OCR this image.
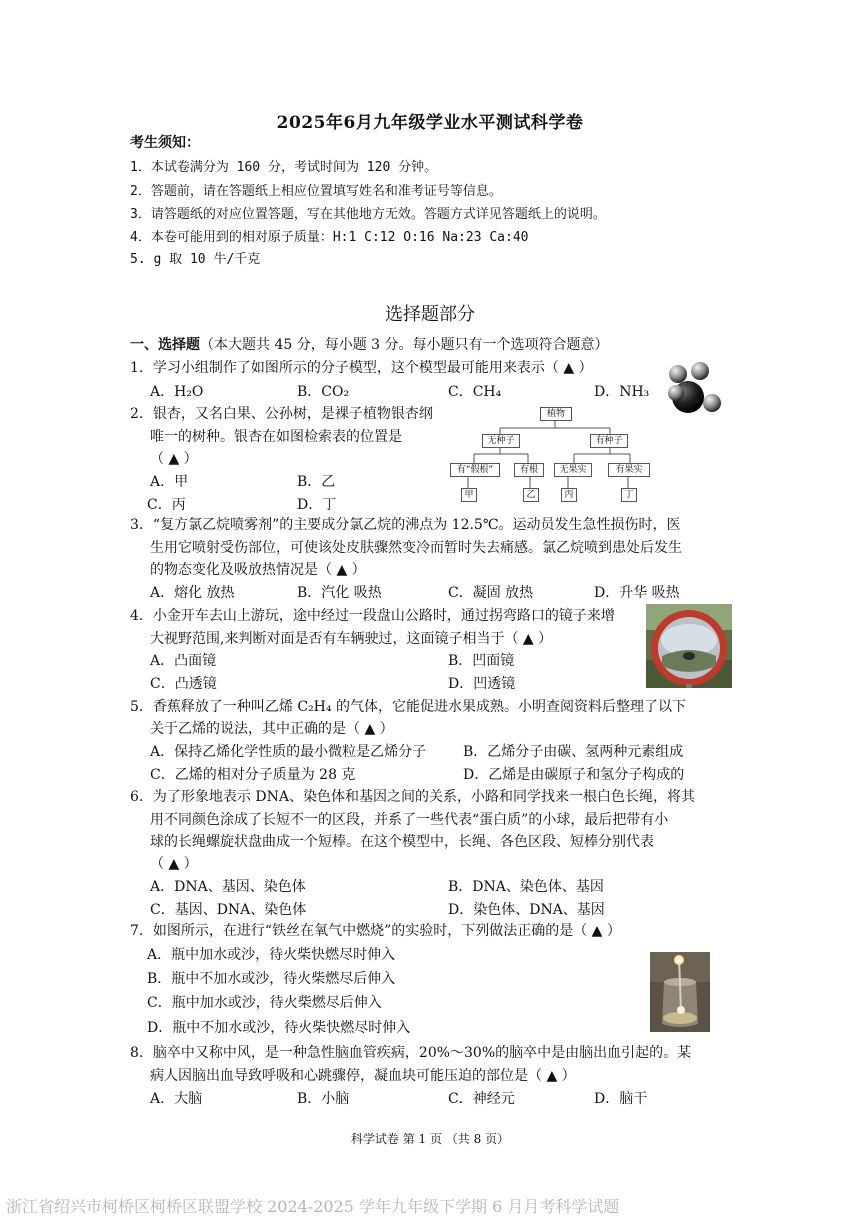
2025年6月九年级学业水平测试科学卷
考生须知：
1．本试卷满分为 160 分，考试时间为 120 分钟。
2．答题前，请在答题纸上相应位置填写姓名和准考证号等信息。
3．请答题纸的对应位置答题，写在其他地方无效。答题方式详见答题纸上的说明。
4．本卷可能用到的相对原子质量：H:1 C:12 O:16 Na:23 Ca:40
5. g 取 10 牛/千克
选择题部分
一、选择题（本大题共 45 分，每小题 3 分。每小题只有一个选项符合题意）
1．学习小组制作了如图所示的分子模型，这个模型最可能用来表示（ ▲ ）
A．H₂O	B．CO₂	C．CH₄	D．NH₃
2．银杏，又名白果、公孙树，是裸子植物银杏纲
唯一的树种。银杏在如图检索表的位置是
（ ▲ ）
A．甲	B．乙
C．丙	D．丁
植物
无种子	有种子
有“假根”	有根	无果实	有果实
甲	乙	丙	丁
3．“复方氯乙烷喷雾剂”的主要成分氯乙烷的沸点为 12.5℃。运动员发生急性损伤时，医
生用它喷射受伤部位，可使该处皮肤骤然变冷而暂时失去痛感。氯乙烷喷到患处后发生
的物态变化及吸放热情况是（ ▲ ）
A．熔化 放热	B．汽化 吸热	C．凝固 放热	D．升华 吸热
4．小金开车去山上游玩，途中经过一段盘山公路时，通过拐弯路口的镜子来增
大视野范围,来判断对面是否有车辆驶过，这面镜子相当于（ ▲ ）
A．凸面镜	B．凹面镜
C．凸透镜	D．凹透镜
5．香蕉释放了一种叫乙烯 C₂H₄ 的气体，它能促进水果成熟。小明查阅资料后整理了以下
关于乙烯的说法，其中正确的是（ ▲ ）
A．保持乙烯化学性质的最小微粒是乙烯分子	B．乙烯分子由碳、氢两种元素组成
C．乙烯的相对分子质量为 28 克	D．乙烯是由碳原子和氢分子构成的
6．为了形象地表示 DNA、染色体和基因之间的关系，小路和同学找来一根白色长绳，将其
用不同颜色涂成了长短不一的区段，并系了一些代表“蛋白质”的小球，最后把带有小
球的长绳螺旋状盘曲成一个短棒。在这个模型中，长绳、各色区段、短棒分别代表
（ ▲ ）
A．DNA、基因、染色体	B．DNA、染色体、基因
C．基因、DNA、染色体	D．染色体、DNA、基因
7．如图所示，在进行“铁丝在氧气中燃烧”的实验时，下列做法正确的是（ ▲ ）
A．瓶中加水或沙，待火柴快燃尽时伸入
B．瓶中不加水或沙，待火柴燃尽后伸入
C．瓶中加水或沙，待火柴燃尽后伸入
D．瓶中不加水或沙，待火柴快燃尽时伸入
8．脑卒中又称中风，是一种急性脑血管疾病，20%～30%的脑卒中是由脑出血引起的。某
病人因脑出血导致呼吸和心跳骤停，凝血块可能压迫的部位是（ ▲ ）
A．大脑	B．小脑	C．神经元	D．脑干
科学试卷 第 1 页 （共 8 页）
浙江省绍兴市柯桥区柯桥区联盟学校 2024-2025 学年九年级下学期 6 月月考科学试题
